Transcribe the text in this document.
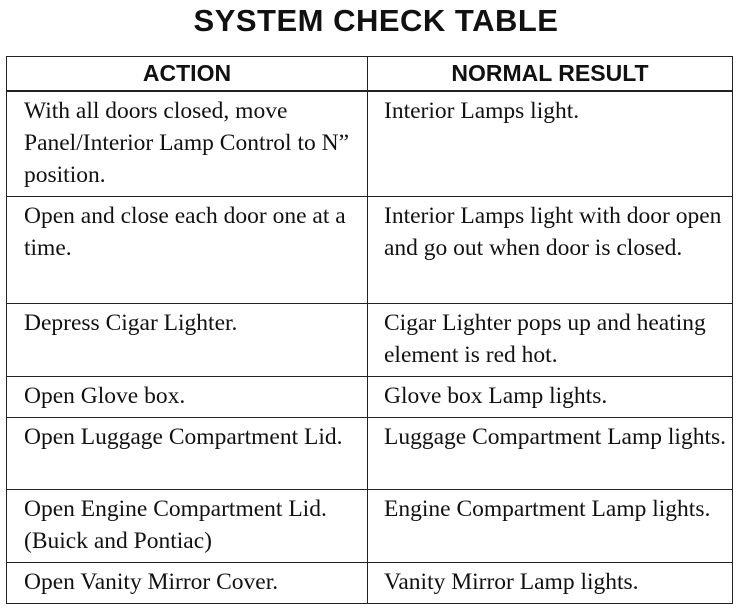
SYSTEM CHECK TABLE
ACTION	NORMAL RESULT
With all doors closed, move Panel/Interior Lamp Control to N” position.	Interior Lamps light.
Open and close each door one at a time.	Interior Lamps light with door open and go out when door is closed.
Depress Cigar Lighter.	Cigar Lighter pops up and heating element is red hot.
Open Glove box.	Glove box Lamp lights.
Open Luggage Compartment Lid.	Luggage Compartment Lamp lights.
Open Engine Compartment Lid. (Buick and Pontiac)	Engine Compartment Lamp lights.
Open Vanity Mirror Cover.	Vanity Mirror Lamp lights.
